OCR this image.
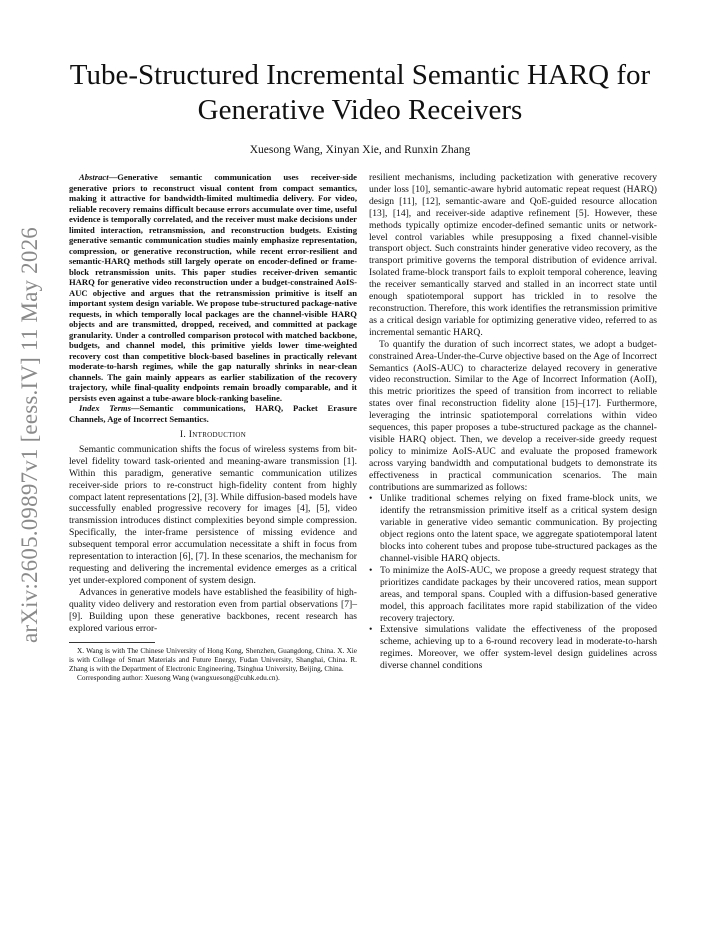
arXiv:2605.09897v1 [eess.IV] 11 May 2026
Tube-Structured Incremental Semantic HARQ for
Generative Video Receivers
Xuesong Wang, Xinyan Xie, and Runxin Zhang

Abstract—Generative semantic communication uses receiver-side generative priors to reconstruct visual content from compact semantics, making it attractive for bandwidth-limited multimedia delivery. For video, reliable recovery remains difficult because errors accumulate over time, useful evidence is temporally correlated, and the receiver must make decisions under limited interaction, retransmission, and reconstruction budgets. Existing generative semantic communication studies mainly emphasize representation, compression, or generative reconstruction, while recent error-resilient and semantic-HARQ methods still largely operate on encoder-defined or frame-block retransmission units. This paper studies receiver-driven semantic HARQ for generative video reconstruction under a budget-constrained AoIS-AUC objective and argues that the retransmission primitive is itself an important system design variable. We propose tube-structured package-native requests, in which temporally local packages are the channel-visible HARQ objects and are transmitted, dropped, received, and committed at package granularity. Under a controlled comparison protocol with matched backbone, budgets, and channel model, this primitive yields lower time-weighted recovery cost than competitive block-based baselines in practically relevant moderate-to-harsh regimes, while the gap naturally shrinks in near-clean channels. The gain mainly appears as earlier stabilization of the recovery trajectory, while final-quality endpoints remain broadly comparable, and it persists even against a tube-aware block-ranking baseline.

Index Terms—Semantic communications, HARQ, Packet Erasure Channels, Age of Incorrect Semantics.

I. Introduction

Semantic communication shifts the focus of wireless systems from bit-level fidelity toward task-oriented and meaning-aware transmission [1]. Within this paradigm, generative semantic communication utilizes receiver-side priors to re-construct high-fidelity content from highly compact latent representations [2], [3]. While diffusion-based models have successfully enabled progressive recovery for images [4], [5], video transmission introduces distinct complexities beyond simple compression. Specifically, the inter-frame persistence of missing evidence and subsequent temporal error accumulation necessitate a shift in focus from representation to interaction [6], [7]. In these scenarios, the mechanism for requesting and delivering the incremental evidence emerges as a critical yet under-explored component of system design.

Advances in generative models have established the feasibility of high-quality video delivery and restoration even from partial observations [7]–[9]. Building upon these generative backbones, recent research has explored various error-

X. Wang is with The Chinese University of Hong Kong, Shenzhen, Guangdong, China. X. Xie is with College of Smart Materials and Future Energy, Fudan University, Shanghai, China. R. Zhang is with the Department of Electronic Engineering, Tsinghua University, Beijing, China.

Corresponding author: Xuesong Wang (wangxuesong@cuhk.edu.cn).

resilient mechanisms, including packetization with generative recovery under loss [10], semantic-aware hybrid automatic repeat request (HARQ) design [11], [12], semantic-aware and QoE-guided resource allocation [13], [14], and receiver-side adaptive refinement [5]. However, these methods typically optimize encoder-defined semantic units or network-level control variables while presupposing a fixed channel-visible transport object. Such constraints hinder generative video recovery, as the transport primitive governs the temporal distribution of evidence arrival. Isolated frame-block transport fails to exploit temporal coherence, leaving the receiver semantically starved and stalled in an incorrect state until enough spatiotemporal support has trickled in to resolve the reconstruction. Therefore, this work identifies the retransmission primitive as a critical design variable for optimizing generative video, referred to as incremental semantic HARQ.

To quantify the duration of such incorrect states, we adopt a budget-constrained Area-Under-the-Curve objective based on the Age of Incorrect Semantics (AoIS-AUC) to characterize delayed recovery in generative video reconstruction. Similar to the Age of Incorrect Information (AoII), this metric prioritizes the speed of transition from incorrect to reliable states over final reconstruction fidelity alone [15]–[17]. Furthermore, leveraging the intrinsic spatiotemporal correlations within video sequences, this paper proposes a tube-structured package as the channel-visible HARQ object. Then, we develop a receiver-side greedy request policy to minimize AoIS-AUC and evaluate the proposed framework across varying bandwidth and computational budgets to demonstrate its effectiveness in practical communication scenarios. The main contributions are summarized as follows:

• Unlike traditional schemes relying on fixed frame-block units, we identify the retransmission primitive itself as a critical system design variable in generative video semantic communication. By projecting object regions onto the latent space, we aggregate spatiotemporal latent blocks into coherent tubes and propose tube-structured packages as the channel-visible HARQ objects.
• To minimize the AoIS-AUC, we propose a greedy request strategy that prioritizes candidate packages by their uncovered ratios, mean support areas, and temporal spans. Coupled with a diffusion-based generative model, this approach facilitates more rapid stabilization of the video recovery trajectory.
• Extensive simulations validate the effectiveness of the proposed scheme, achieving up to a 6-round recovery lead in moderate-to-harsh regimes. Moreover, we offer system-level design guidelines across diverse channel conditions
